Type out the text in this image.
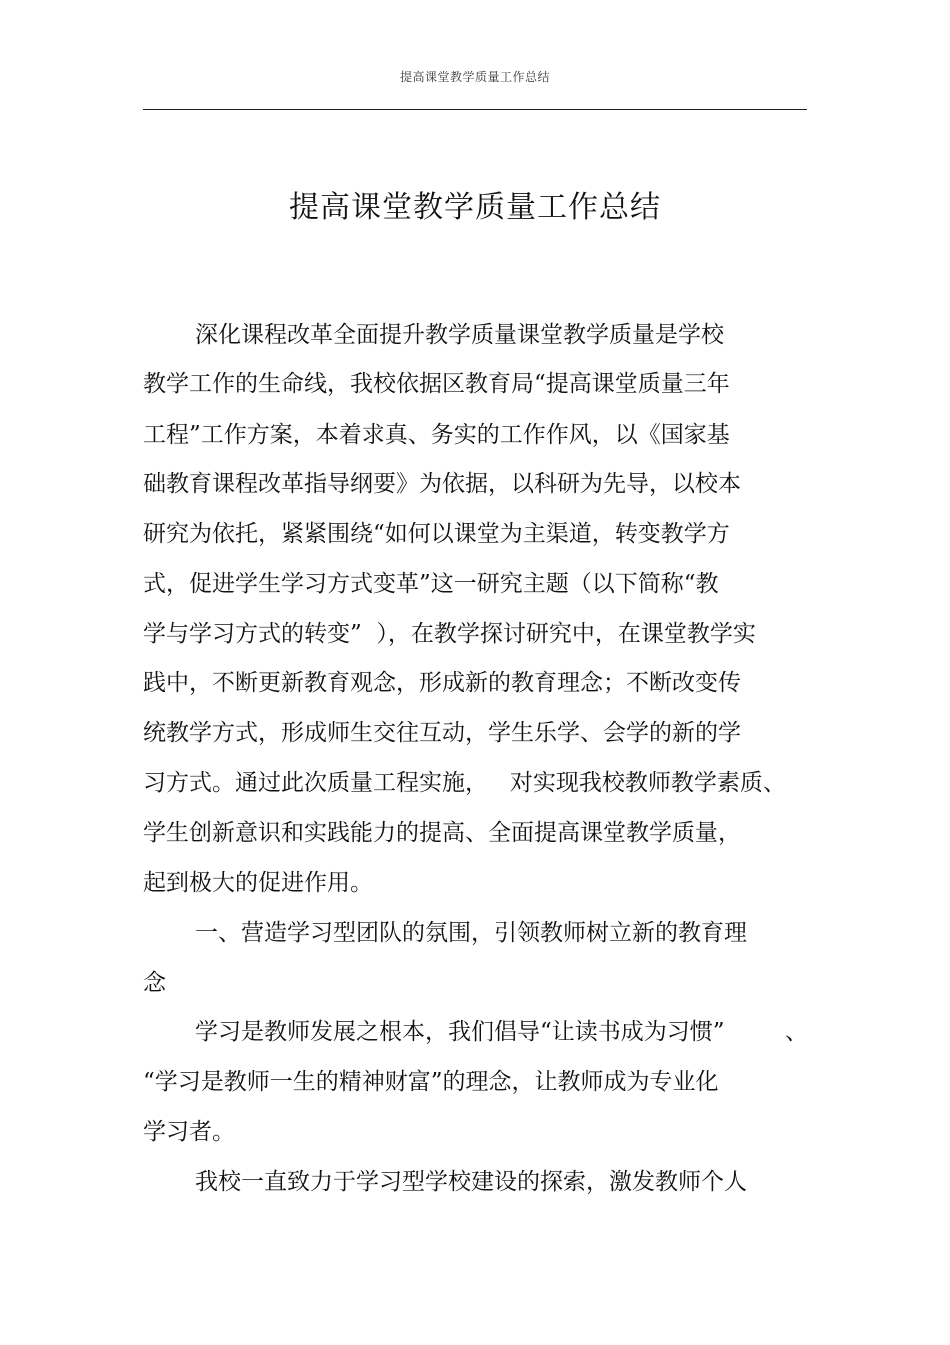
提高课堂教学质量工作总结
提高课堂教学质量工作总结
深化课程改革全面提升教学质量课堂教学质量是学校
教学工作的生命线，我校依据区教育局“提高课堂质量三年
工程”工作方案，本着求真、务实的工作作风，以《国家基
础教育课程改革指导纲要》为依据，以科研为先导，以校本
研究为依托，紧紧围绕“如何以课堂为主渠道，转变教学方
式，促进学生学习方式变革”这一研究主题（以下简称“教
学与学习方式的转变”  ），在教学探讨研究中，在课堂教学实
践中，不断更新教育观念，形成新的教育理念；不断改变传
统教学方式，形成师生交往互动，学生乐学、会学的新的学
习方式。通过此次质量工程实施，   对实现我校教师教学素质、
学生创新意识和实践能力的提高、全面提高课堂教学质量，
起到极大的促进作用。
一、营造学习型团队的氛围，引领教师树立新的教育理
念
学习是教师发展之根本，我们倡导“让读书成为习惯”	、
“学习是教师一生的精神财富”的理念，让教师成为专业化
学习者。
我校一直致力于学习型学校建设的探索，激发教师个人
